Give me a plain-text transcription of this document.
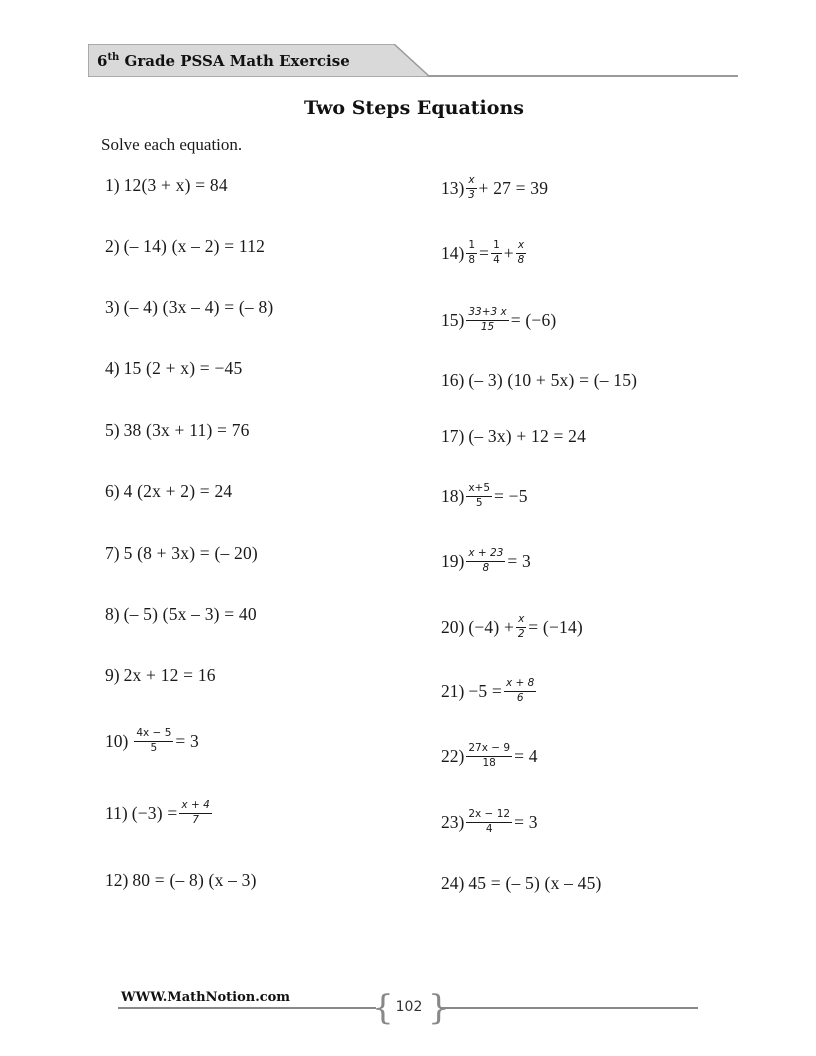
6th Grade PSSA Math Exercise
Two Steps Equations
Solve each equation.
1) 12(3 + x) = 84
2) (– 14) (x – 2) = 112
3) (– 4) (3x – 4) = (– 8)
4) 15 (2 + x) = −45
5) 38 (3x + 11) = 76
6) 4 (2x + 2) = 24
7) 5 (8 + 3x) = (– 20)
8) (– 5) (5x – 3) = 40
9) 2x + 12 = 16
$10) \frac{4x - 5}{5} = 3$
11) $(-3) = \frac{x + 4}{7}$
12) 80 = (– 8) (x – 3)
$13) \frac{x}{3} + 27 = 39$
$14) \frac{1}{8} = \frac{1}{4} + \frac{x}{8}$
$15) \frac{33+3 x}{15} = (-6)$
16) (– 3) (10 + 5x) = (– 15)
17) (– 3x) + 12 = 24
$18) \frac{x+5}{5} = -5$
$19) \frac{x + 23}{8} = 3$
20) $(-4) + \frac{x}{2} = (-14)$
$21) -5 = \frac{x + 8}{6}$
$22) \frac{27x - 9}{18} = 4$
$23) \frac{2x - 12}{4} = 3$
24) 45 = (– 5) (x – 45)
WWW.MathNotion.com { }
102
